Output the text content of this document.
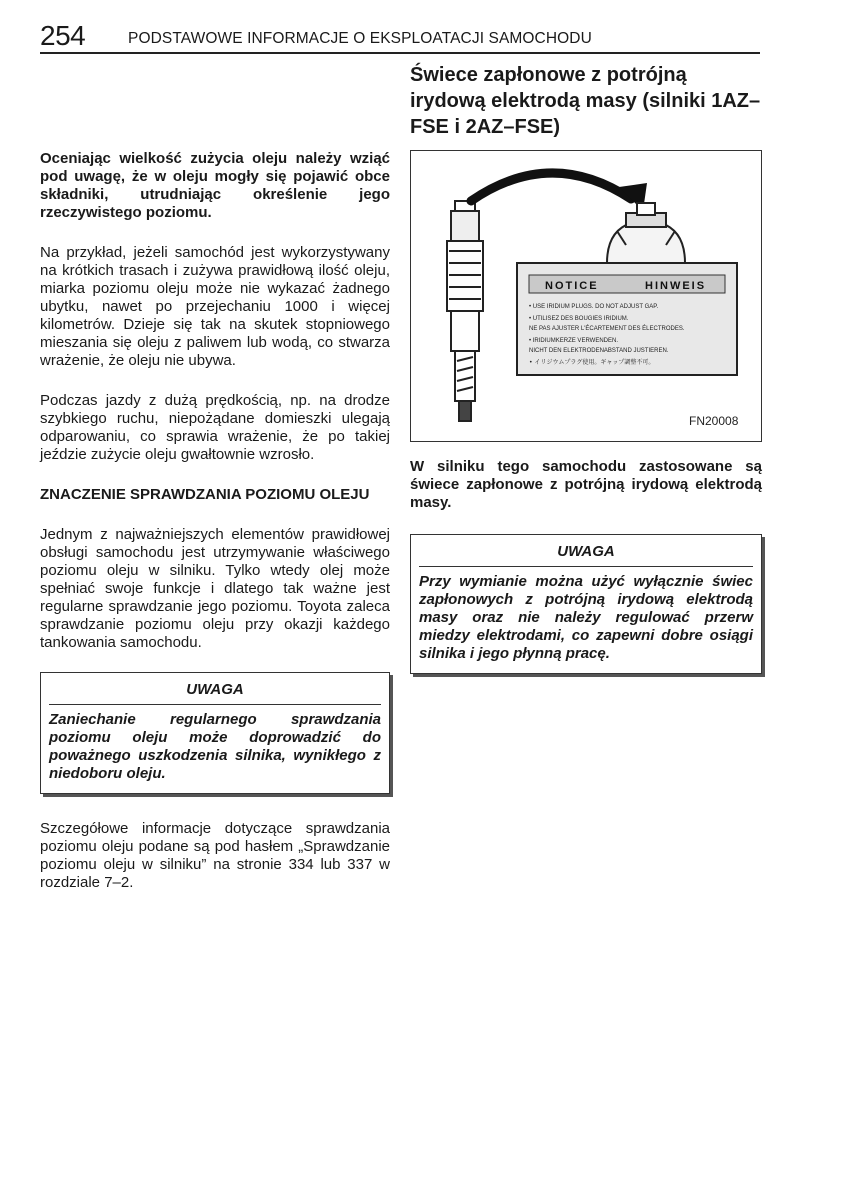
254	PODSTAWOWE INFORMACJE O EKSPLOATACJI SAMOCHODU

Oceniając wielkość zużycia oleju należy wziąć pod uwagę, że w oleju mogły się pojawić obce składniki, utrudniając określenie jego rzeczywistego poziomu.

Na przykład, jeżeli samochód jest wykorzystywany na krótkich trasach i zużywa prawidłową ilość oleju, miarka poziomu oleju może nie wykazać żadnego ubytku, nawet po przejechaniu 1000 i więcej kilometrów. Dzieje się tak na skutek stopniowego mieszania się oleju z paliwem lub wodą, co stwarza wrażenie, że oleju nie ubywa.

Podczas jazdy z dużą prędkością, np. na drodze szybkiego ruchu, niepożądane domieszki ulegają odparowaniu, co sprawia wrażenie, że po takiej jeździe zużycie oleju gwałtownie wzrosło.

ZNACZENIE SPRAWDZANIA POZIOMU OLEJU

Jednym z najważniejszych elementów prawidłowej obsługi samochodu jest utrzymywanie właściwego poziomu oleju w silniku. Tylko wtedy olej może spełniać swoje funkcje i dlatego tak ważne jest regularne sprawdzanie jego poziomu. Toyota zaleca sprawdzanie poziomu oleju przy okazji każdego tankowania samochodu.

UWAGA
Zaniechanie regularnego sprawdzania poziomu oleju może doprowadzić do poważnego uszkodzenia silnika, wynikłego z niedoboru oleju.

Szczegółowe informacje dotyczące sprawdzania poziomu oleju podane są pod hasłem „Sprawdzanie poziomu oleju w silniku” na stronie 334 lub 337 w rozdziale 7–2.

Świece zapłonowe z potrójną irydową elektrodą masy (silniki 1AZ–FSE i 2AZ–FSE)
NOTICE	HINWEIS
• USE IRIDIUM PLUGS. DO NOT ADJUST GAP.
• UTILISEZ DES BOUGIES IRIDIUM.
NE PAS AJUSTER L'ÉCARTEMENT DES ÉLECTRODES.
• IRIDIUMKERZE VERWENDEN.
NICHT DEN ELEKTRODENABSTAND JUSTIEREN.
• イリジウムプラグ使用。ギャップ調整不可。
FN20008

W silniku tego samochodu zastosowane są świece zapłonowe z potrójną irydową elektrodą masy.

UWAGA
Przy wymianie można użyć wyłącznie świec zapłonowych z potrójną irydową elektrodą masy oraz nie należy regulować przerw miedzy elektrodami, co zapewni dobre osiągi silnika i jego płynną pracę.
